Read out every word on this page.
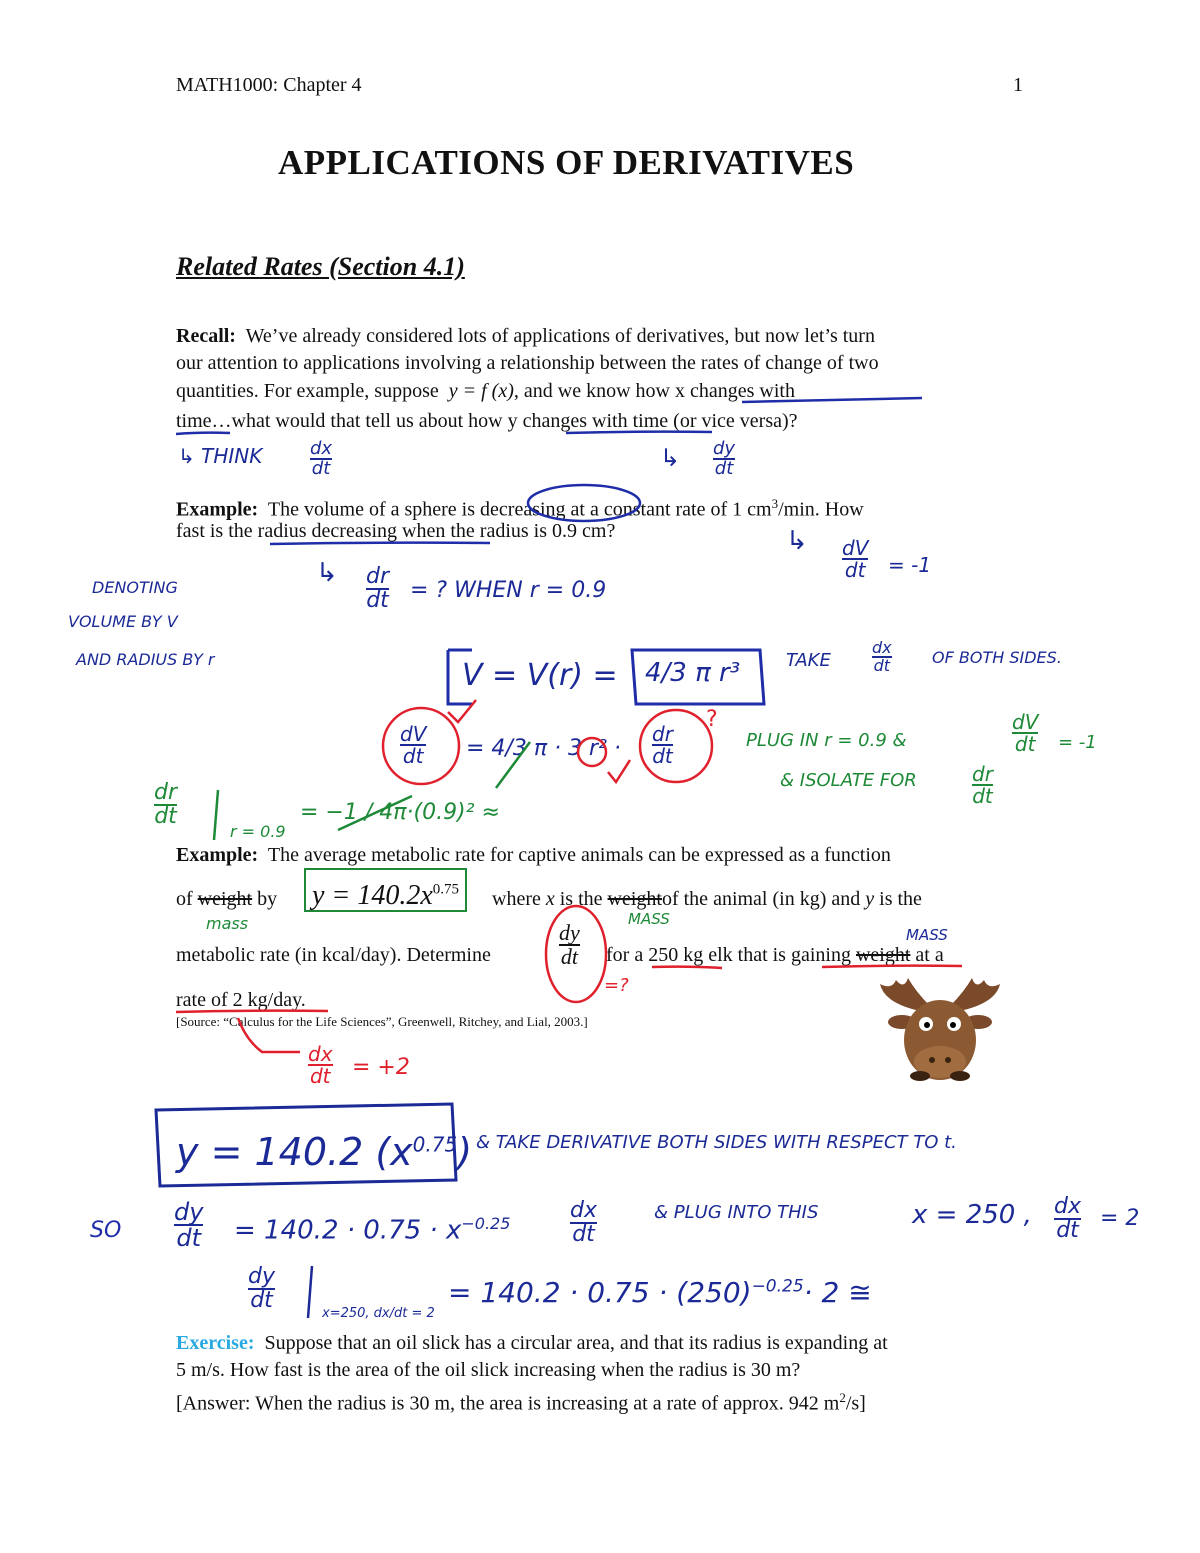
MATH1000: Chapter 4	1
APPLICATIONS OF DERIVATIVES
Related Rates (Section 4.1)
Recall: We’ve already considered lots of applications of derivatives, but now let’s turn
our attention to applications involving a relationship between the rates of change of two
quantities. For example, suppose y = f (x), and we know how x changes with
time…what would that tell us about how y changes with time (or vice versa)?
Example: The volume of a sphere is decreasing at a constant rate of 1 $cm^3/\min$. How
fast is the radius decreasing when the radius is 0.9 cm?
Example: The average metabolic rate for captive animals can be expressed as a function
of weight by $y = 140.2x^{0.75}$	where x is the weightof the animal (in kg) and y is the
metabolic rate (in kcal/day). Determine	$\frac{dy}{dt}$ for a 250 kg elk that is gaining weight at a
rate of 2 kg/day.
[Source: “Calculus for the Life Sciences”, Greenwell, Ritchey, and Lial, 2003.]
Exercise: Suppose that an oil slick has a circular area, and that its radius is expanding at
5 m/s. How fast is the area of the oil slick increasing when the radius is 30 m?
[Answer: When the radius is 30 m, the area is increasing at a rate of approx. 942 $m^2/s$]
↳ THINK	$\frac{dx}{dt}$	↳ $\frac{dy}{dt}$
↳ $\frac{dV}{dt} = -1$
↳ $\frac{dr}{dt}$ = ? WHEN r = 0.9
DENOTING
VOLUME BY V
AND RADIUS BY r	V = V(r) = 4/3 π r³	TAKE	$\frac{dx}{dt}$	OF BOTH SIDES.
$\frac{dV}{dt} = 4/3$ π · 3 $r^2 \cdot \frac{dr}{dt}$	PLUG IN r = 0.9 &	$\frac{dV}{dt} = -1$
& ISOLATE FOR	$\frac{dr}{dt}$
$\frac{dr}{dt}$
r = 0.9
= −1 / 4π·(0.9)² ≈
mass	MASS
MASS
=?
$\frac{dx}{dt} = +2$
y = 140.2 $(x^{0.75})$ & TAKE DERIVATIVE BOTH SIDES WITH RESPECT TO t.
SO $\frac{dy}{dt} = 140.2 \cdot 0.75 \cdot x^{-0.25}$	$\frac{dx}{dt}$	& PLUG INTO THIS	x = 250 , $\frac{dx}{dt} = 2$
$\frac{dy}{dt}$
x=250, dx/dt = 2
= $140.2 \cdot 0.75 \cdot (250)^{-0.25}\cdot 2$ ≅
?
